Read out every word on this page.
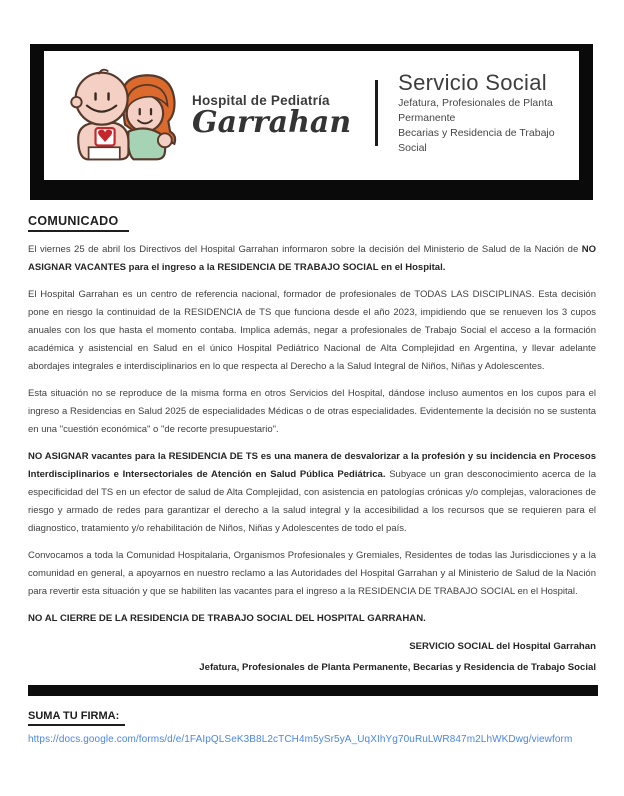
Hospital de Pediatría
Garrahan
Servicio Social
Jefatura, Profesionales de Planta Permanente
Becarias y Residencia de Trabajo Social
COMUNICADO

El viernes 25 de abril los Directivos del Hospital Garrahan informaron sobre la decisión del Ministerio de Salud de la Nación de NO ASIGNAR VACANTES para el ingreso a la RESIDENCIA DE TRABAJO SOCIAL en el Hospital.

El Hospital Garrahan es un centro de referencia nacional, formador de profesionales de TODAS LAS DISCIPLINAS. Esta decisión pone en riesgo la continuidad de la RESIDENCIA de TS que funciona desde el año 2023, impidiendo que se renueven los 3 cupos anuales con los que hasta el momento contaba. Implica además, negar a profesionales de Trabajo Social el acceso a la formación académica y asistencial en Salud en el único Hospital Pediátrico Nacional de Alta Complejidad en Argentina, y llevar adelante abordajes integrales e interdisciplinarios en lo que respecta al Derecho a la Salud Integral de Niños, Niñas y Adolescentes.

Esta situación no se reproduce de la misma forma en otros Servicios del Hospital, dándose incluso aumentos en los cupos para el ingreso a Residencias en Salud 2025 de especialidades Médicas o de otras especialidades. Evidentemente la decisión no se sustenta en una "cuestión económica" o "de recorte presupuestario".

NO ASIGNAR vacantes para la RESIDENCIA DE TS es una manera de desvalorizar a la profesión y su incidencia en Procesos Interdisciplinarios e Intersectoriales de Atención en Salud Pública Pediátrica. Subyace un gran desconocimiento acerca de la especificidad del TS en un efector de salud de Alta Complejidad, con asistencia en patologías crónicas y/o complejas, valoraciones de riesgo y armado de redes para garantizar el derecho a la salud integral y la accesibilidad a los recursos que se requieren para el diagnostico, tratamiento y/o rehabilitación de Niños, Niñas y Adolescentes de todo el país.

Convocamos a toda la Comunidad Hospitalaria, Organismos Profesionales y Gremiales, Residentes de todas las Jurisdicciones y a la comunidad en general, a apoyarnos en nuestro reclamo a las Autoridades del Hospital Garrahan y al Ministerio de Salud de la Nación para revertir esta situación y que se habiliten las vacantes para el ingreso a la RESIDENCIA DE TRABAJO SOCIAL en el Hospital.

NO AL CIERRE DE LA RESIDENCIA DE TRABAJO SOCIAL DEL HOSPITAL GARRAHAN.
SERVICIO SOCIAL del Hospital Garrahan
Jefatura, Profesionales de Planta Permanente, Becarias y Residencia de Trabajo Social
SUMA TU FIRMA:
https://docs.google.com/forms/d/e/1FAIpQLSeK3B8L2cTCH4m5ySr5yA_UqXIhYg70uRuLWR847m2LhWKDwg/viewform
